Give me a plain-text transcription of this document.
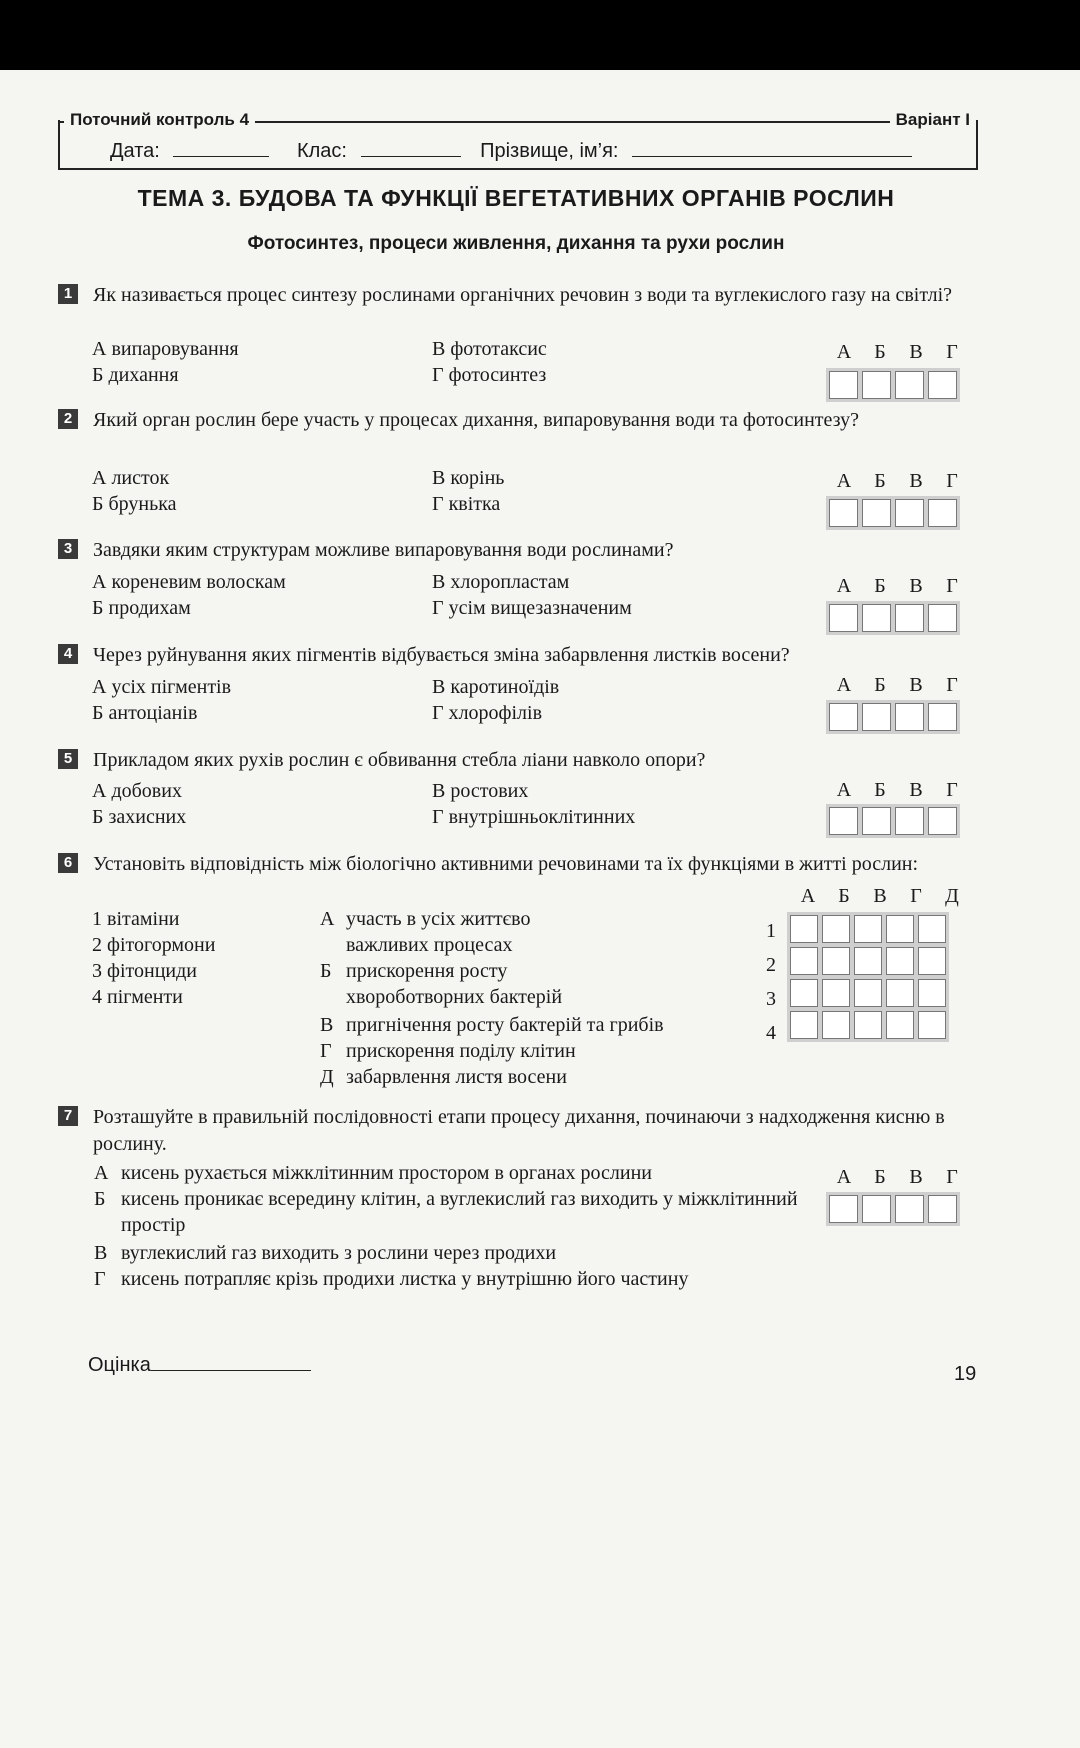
Поточний контроль 4	Варіант I
Дата:	Клас:	Прізвище, ім’я:
ТЕМА 3. БУДОВА ТА ФУНКЦІЇ ВЕГЕТАТИВНИХ ОРГАНІВ РОСЛИН
Фотосинтез, процеси живлення, дихання та рухи рослин
1 Як називається процес синтезу рослинами органічних речовин з води та вуглекислого газу на світлі?
А випаровування
Б дихання
В фототаксис
Г фотосинтез
А Б В Г
2 Який орган рослин бере участь у процесах дихання, випаровування води та фотосинтезу?
А листок
Б брунька
В корінь
Г квітка
А Б В Г
3 Завдяки яким структурам можливе випаровування води рослинами?
А кореневим волоскам
Б продихам
В хлоропластам
Г усім вищезазначеним
А Б В Г
4 Через руйнування яких пігментів відбувається зміна забарвлення листків восени?
А усіх пігментів
Б антоціанів
В каротиноїдів
Г хлорофілів
А Б В Г
5 Прикладом яких рухів рослин є обвивання стебла ліани навколо опори?
А добових
Б захисних
В ростових
Г внутрішньоклітинних
А Б В Г
6 Установіть відповідність між біологічно активними речовинами та їх функціями в житті рослин:
1 вітаміни
2 фітогормони
3 фітонциди
4 пігменти
А участь в усіх життєво важливих процесах
Б прискорення росту хвороботворних бактерій
В пригнічення росту бактерій та грибів
Г прискорення поділу клітин
Д забарвлення листя восени
А Б В Г Д
1
2
3
4
7 Розташуйте в правильній послідовності етапи процесу дихання, починаючи з надходження кисню в рослину.
А кисень рухається міжклітинним простором в органах рослини
Б кисень проникає всередину клітин, а вуглекислий газ виходить у міжклітинний простір
В вуглекислий газ виходить з рослини через продихи
Г кисень потрапляє крізь продихи листка у внутрішню його частину
А Б В Г
Оцінка	19
